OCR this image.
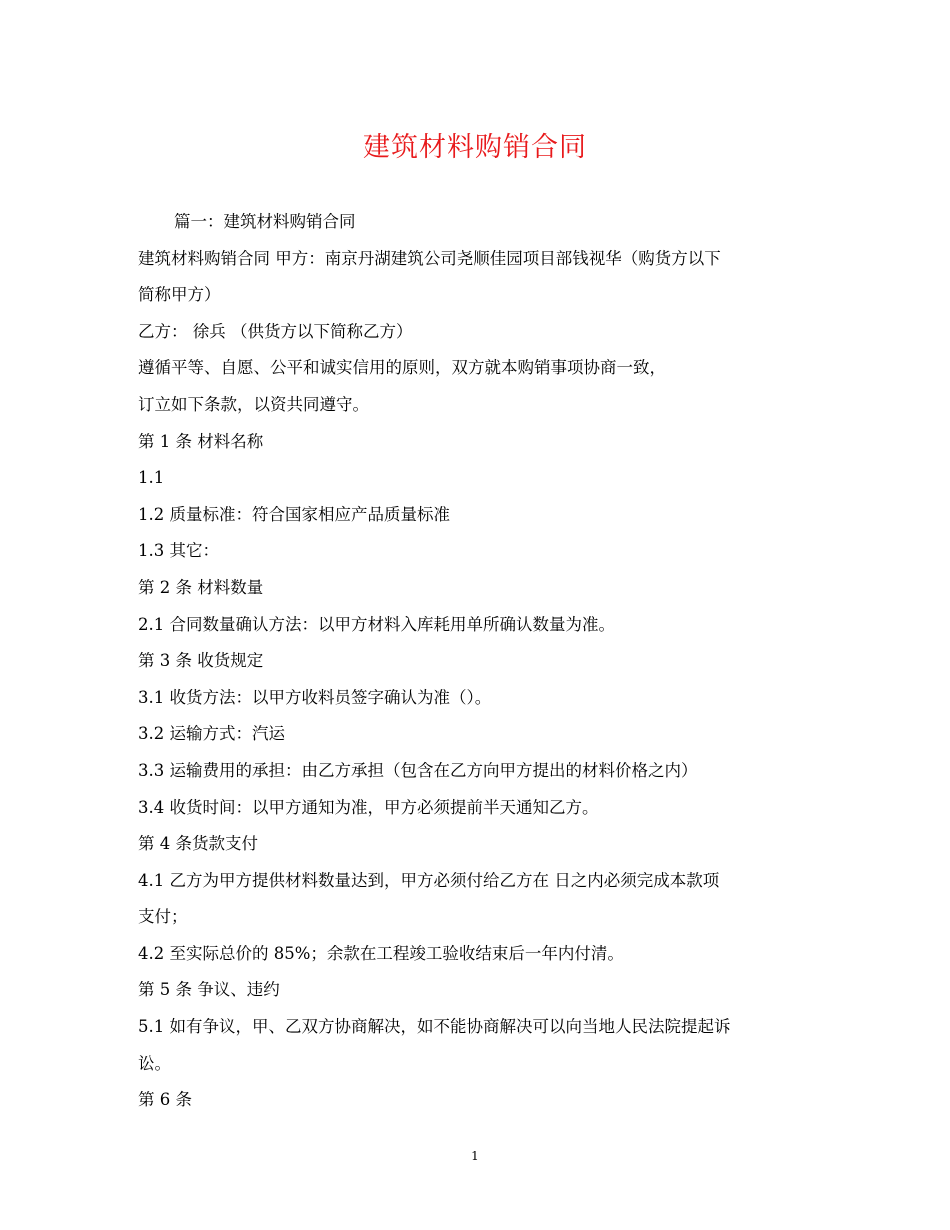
建筑材料购销合同
篇一：建筑材料购销合同
建筑材料购销合同 甲方：南京丹湖建筑公司尧顺佳园项目部钱视华（购货方以下
简称甲方）
乙方： 徐兵 （供货方以下简称乙方）
遵循平等、自愿、公平和诚实信用的原则，双方就本购销事项协商一致，
订立如下条款，以资共同遵守。
第 1 条 材料名称
1.1
1.2 质量标准：符合国家相应产品质量标准
1.3 其它：
第 2 条 材料数量
2.1 合同数量确认方法：以甲方材料入库耗用单所确认数量为准。
第 3 条 收货规定
3.1 收货方法：以甲方收料员签字确认为准（）。
3.2 运输方式：汽运
3.3 运输费用的承担：由乙方承担（包含在乙方向甲方提出的材料价格之内）
3.4 收货时间：以甲方通知为准，甲方必须提前半天通知乙方。
第 4 条货款支付
4.1 乙方为甲方提供材料数量达到，甲方必须付给乙方在 日之内必须完成本款项
支付；
4.2 至实际总价的 85%；余款在工程竣工验收结束后一年内付清。
第 5 条 争议、违约
5.1 如有争议，甲、乙双方协商解决，如不能协商解决可以向当地人民法院提起诉
讼。
第 6 条
1
